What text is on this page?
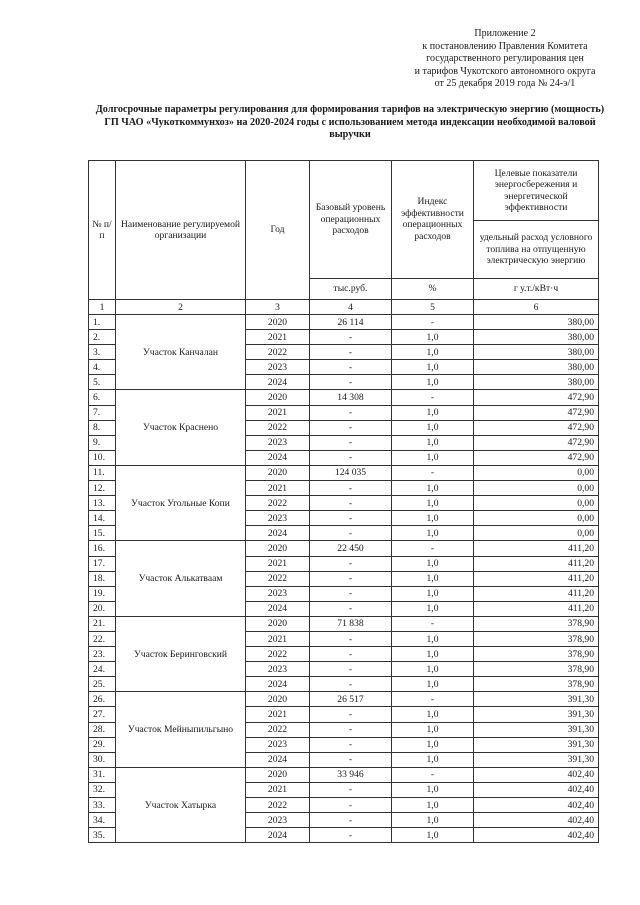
Приложение 2
к постановлению Правления Комитета
государственного регулирования цен
и тарифов Чукотского автономного округа
от 25 декабря 2019 года № 24-э/1
Долгосрочные параметры регулирования для формирования тарифов на электрическую энергию (мощность)
ГП ЧАО «Чукоткоммунхоз» на 2020-2024 годы с использованием метода индексации необходимой валовой
выручки
№ п/п	Наименование регулируемой организации	Год	Базовый уровень операционных расходов	Индекс эффективности операционных расходов	Целевые показатели энергосбережения и энергетической эффективности
					удельный расход условного топлива на отпущенную электрическую энергию
			тыс.руб.	%	г у.т./кВт·ч
1	2	3	4	5	6
1.	Участок Канчалан	2020	26 114	-	380,00
2.		2021	-	1,0	380,00
3.		2022	-	1,0	380,00
4.		2023	-	1,0	380,00
5.		2024	-	1,0	380,00
6.	Участок Краснено	2020	14 308	-	472,90
7.		2021	-	1,0	472,90
8.		2022	-	1,0	472,90
9.		2023	-	1,0	472,90
10.		2024	-	1,0	472,90
11.	Участок Угольные Копи	2020	124 035	-	0,00
12.		2021	-	1,0	0,00
13.		2022	-	1,0	0,00
14.		2023	-	1,0	0,00
15.		2024	-	1,0	0,00
16.	Участок Алькатваам	2020	22 450	-	411,20
17.		2021	-	1,0	411,20
18.		2022	-	1,0	411,20
19.		2023	-	1,0	411,20
20.		2024	-	1,0	411,20
21.	Участок Беринговский	2020	71 838	-	378,90
22.		2021	-	1,0	378,90
23.		2022	-	1,0	378,90
24.		2023	-	1,0	378,90
25.		2024	-	1,0	378,90
26.	Участок Мейныпильгыно	2020	26 517	-	391,30
27.		2021	-	1,0	391,30
28.		2022	-	1,0	391,30
29.		2023	-	1,0	391,30
30.		2024	-	1,0	391,30
31.	Участок Хатырка	2020	33 946	-	402,40
32.		2021	-	1,0	402,40
33.		2022	-	1,0	402,40
34.		2023	-	1,0	402,40
35.		2024	-	1,0	402,40
